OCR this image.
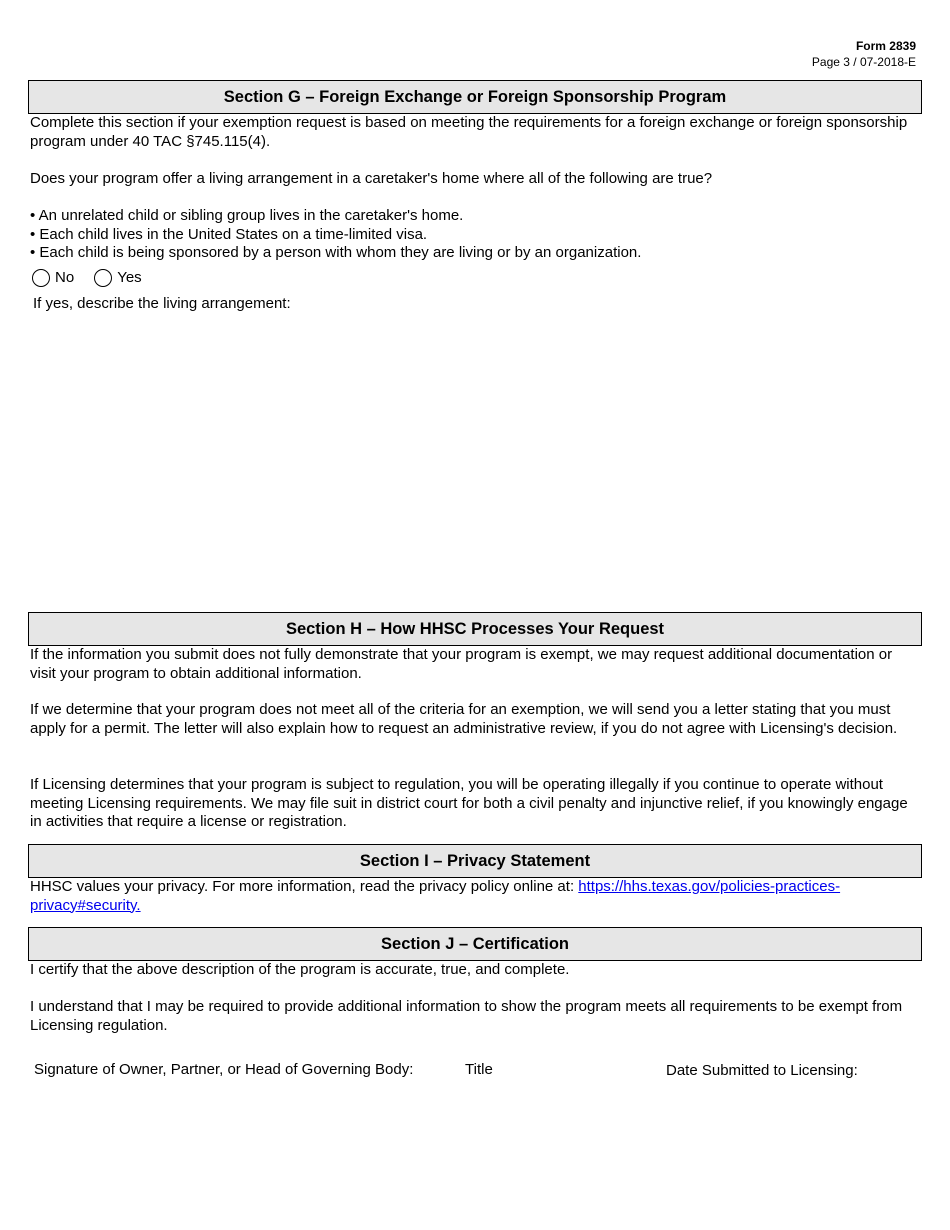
Form 2839
Page 3 / 07-2018-E
Section G – Foreign Exchange or Foreign Sponsorship Program
Complete this section if your exemption request is based on meeting the requirements for a foreign exchange or foreign sponsorship program under 40 TAC §745.115(4).
Does your program offer a living arrangement in a caretaker's home where all of the following are true?
• An unrelated child or sibling group lives in the caretaker's home.
• Each child lives in the United States on a time-limited visa.
• Each child is being sponsored by a person with whom they are living or by an organization.
No	Yes
If yes, describe the living arrangement:
Section H – How HHSC Processes Your Request
If the information you submit does not fully demonstrate that your program is exempt, we may request additional documentation or visit your program to obtain additional information.
If we determine that your program does not meet all of the criteria for an exemption, we will send you a letter stating that you must apply for a permit. The letter will also explain how to request an administrative review, if you do not agree with Licensing's decision.
If Licensing determines that your program is subject to regulation, you will be operating illegally if you continue to operate without meeting Licensing requirements. We may file suit in district court for both a civil penalty and injunctive relief, if you knowingly engage in activities that require a license or registration.
Section I – Privacy Statement
HHSC values your privacy. For more information, read the privacy policy online at: https://hhs.texas.gov/policies-practices-privacy#security.
Section J – Certification
I certify that the above description of the program is accurate, true, and complete.
I understand that I may be required to provide additional information to show the program meets all requirements to be exempt from Licensing regulation.
Signature of Owner, Partner, or Head of Governing Body:	Title	Date Submitted to Licensing:
